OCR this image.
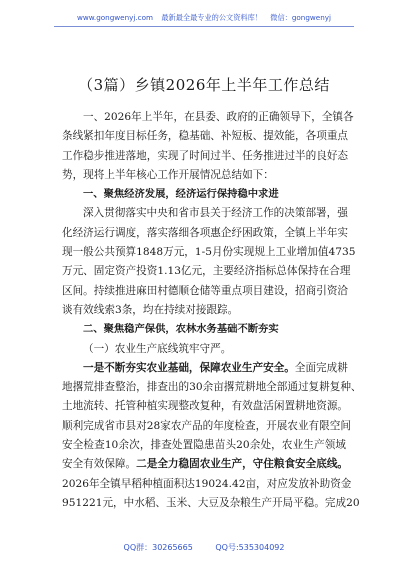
www.gongwenyj.com 最新最全最专业的公文资料库！ 微信：gongwenyj
（3篇）乡镇2026年上半年工作总结
一、2026年上半年，在县委、政府的正确领导下，全镇各
条线紧扣年度目标任务，稳基础、补短板、提效能，各项重点
工作稳步推进落地，实现了时间过半、任务推进过半的良好态
势，现将上半年核心工作开展情况总结如下：
一、聚焦经济发展，经济运行保持稳中求进
深入贯彻落实中央和省市县关于经济工作的决策部署，强
化经济运行调度，落实落细各项惠企纾困政策，全镇上半年实
现一般公共预算1848万元，1-5月份实现规上工业增加值4735
万元、固定资产投资1.13亿元，主要经济指标总体保持在合理
区间。持续推进麻田村德顺仓储等重点项目建设，招商引资洽
谈有效线索3条，均在持续对接跟踪。
二、聚焦稳产保供，农林水务基础不断夯实
（一）农业生产底线筑牢守严。
一是不断夯实农业基础，保障农业生产安全。全面完成耕
地撂荒排查整治，排查出的30余亩撂荒耕地全部通过复耕复种、
土地流转、托管种植实现整改复种，有效盘活闲置耕地资源。
顺利完成省市县对28家农产品的年度检查，开展农业有限空间
安全检查10余次，排查处置隐患苗头20余处，农业生产领域
安全有效保障。二是全力稳固农业生产，守住粮食安全底线。
2026年全镇早稻种植面积达19024.42亩，对应发放补助资金
951221元，中水稻、玉米、大豆及杂粮生产开局平稳。完成20
QQ群：30265665	QQ号:535304092
